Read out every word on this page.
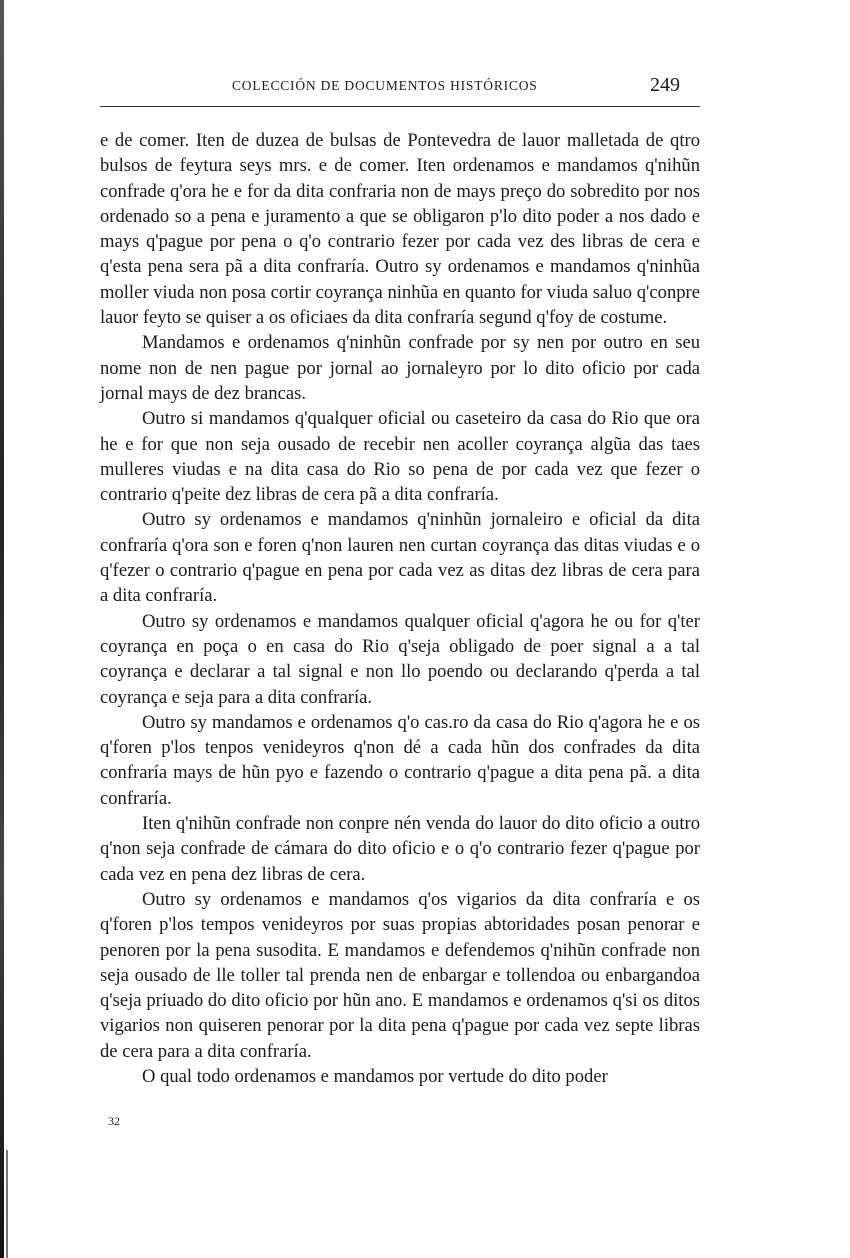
COLECCIÓN DE DOCUMENTOS HISTÓRICOS	249

e de comer. Iten de duzea de bulsas de Pontevedra de lauor malletada de qtro bulsos de feytura seys mrs. e de comer. Iten ordenamos e mandamos q'nihũn confrade q'ora he e for da dita confraria non de mays preço do sobredito por nos ordenado so a pena e juramento a que se obligaron p'lo dito poder a nos dado e mays q'pague por pena o q'o contrario fezer por cada vez des libras de cera e q'esta pena sera pã a dita confraría. Outro sy ordenamos e mandamos q'ninhũa moller viuda non posa cortir coyrança ninhũa en quanto for viuda saluo q'conpre lauor feyto se quiser a os oficiaes da dita confraría segund q'foy de costume.

Mandamos e ordenamos q'ninhũn confrade por sy nen por outro en seu nome non de nen pague por jornal ao jornaleyro por lo dito oficio por cada jornal mays de dez brancas.

Outro si mandamos q'qualquer oficial ou caseteiro da casa do Rio que ora he e for que non seja ousado de recebir nen acoller coyrança algũa das taes mulleres viudas e na dita casa do Rio so pena de por cada vez que fezer o contrario q'peite dez libras de cera pã a dita confraría.

Outro sy ordenamos e mandamos q'ninhũn jornaleiro e oficial da dita confraría q'ora son e foren q'non lauren nen curtan coyrança das ditas viudas e o q'fezer o contrario q'pague en pena por cada vez as ditas dez libras de cera para a dita confraría.

Outro sy ordenamos e mandamos qualquer oficial q'agora he ou for q'ter coyrança en poça o en casa do Rio q'seja obligado de poer signal a a tal coyrança e declarar a tal signal e non llo poendo ou declarando q'perda a tal coyrança e seja para a dita confraría.

Outro sy mandamos e ordenamos q'o cas.ro da casa do Rio q'agora he e os q'foren p'los tenpos venideyros q'non dé a cada hũn dos confrades da dita confraría mays de hũn pyo e fazendo o contrario q'pague a dita pena pã. a dita confraría.

Iten q'nihũn confrade non conpre nén venda do lauor do dito oficio a outro q'non seja confrade de cámara do dito oficio e o q'o contrario fezer q'pague por cada vez en pena dez libras de cera.

Outro sy ordenamos e mandamos q'os vigarios da dita confraría e os q'foren p'los tempos venideyros por suas propias abtoridades posan penorar e penoren por la pena susodita. E mandamos e defendemos q'nihũn confrade non seja ousado de lle toller tal prenda nen de enbargar e tollendoa ou enbargandoa q'seja priuado do dito oficio por hũn ano. E mandamos e ordenamos q'si os ditos vigarios non quiseren penorar por la dita pena q'pague por cada vez septe libras de cera para a dita confraría.

O qual todo ordenamos e mandamos por vertude do dito poder

32
